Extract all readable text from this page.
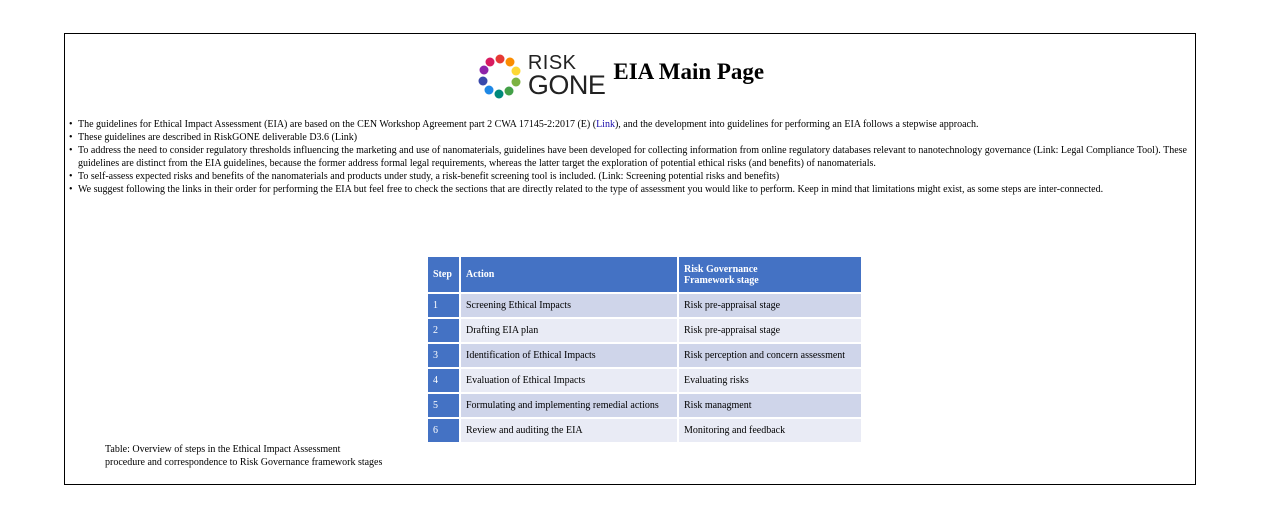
RISK
GONE EIA Main Page
• The guidelines for Ethical Impact Assessment (EIA) are based on the CEN Workshop Agreement part 2 CWA 17145-2:2017 (E) (Link), and the development into guidelines for performing an EIA follows a stepwise approach.
• These guidelines are described in RiskGONE deliverable D3.6 (Link)
• To address the need to consider regulatory thresholds influencing the marketing and use of nanomaterials, guidelines have been developed for collecting information from online regulatory databases relevant to nanotechnology governance (Link: Legal Compliance Tool). These guidelines are distinct from the EIA guidelines, because the former address formal legal requirements, whereas the latter target the exploration of potential ethical risks (and benefits) of nanomaterials.
• To self-assess expected risks and benefits of the nanomaterials and products under study, a risk-benefit screening tool is included. (Link: Screening potential risks and benefits)
• We suggest following the links in their order for performing the EIA but feel free to check the sections that are directly related to the type of assessment you would like to perform. Keep in mind that limitations might exist, as some steps are inter-connected.
Step	Action	Risk Governance
Framework stage
1	Screening Ethical Impacts	Risk pre-appraisal stage
2	Drafting EIA plan	Risk pre-appraisal stage
3	Identification of Ethical Impacts	Risk perception and concern assessment
4	Evaluation of Ethical Impacts	Evaluating risks
5	Formulating and implementing remedial actions	Risk managment
6	Review and auditing the EIA	Monitoring and feedback
Table: Overview of steps in the Ethical Impact Assessment
procedure and correspondence to Risk Governance framework stages
